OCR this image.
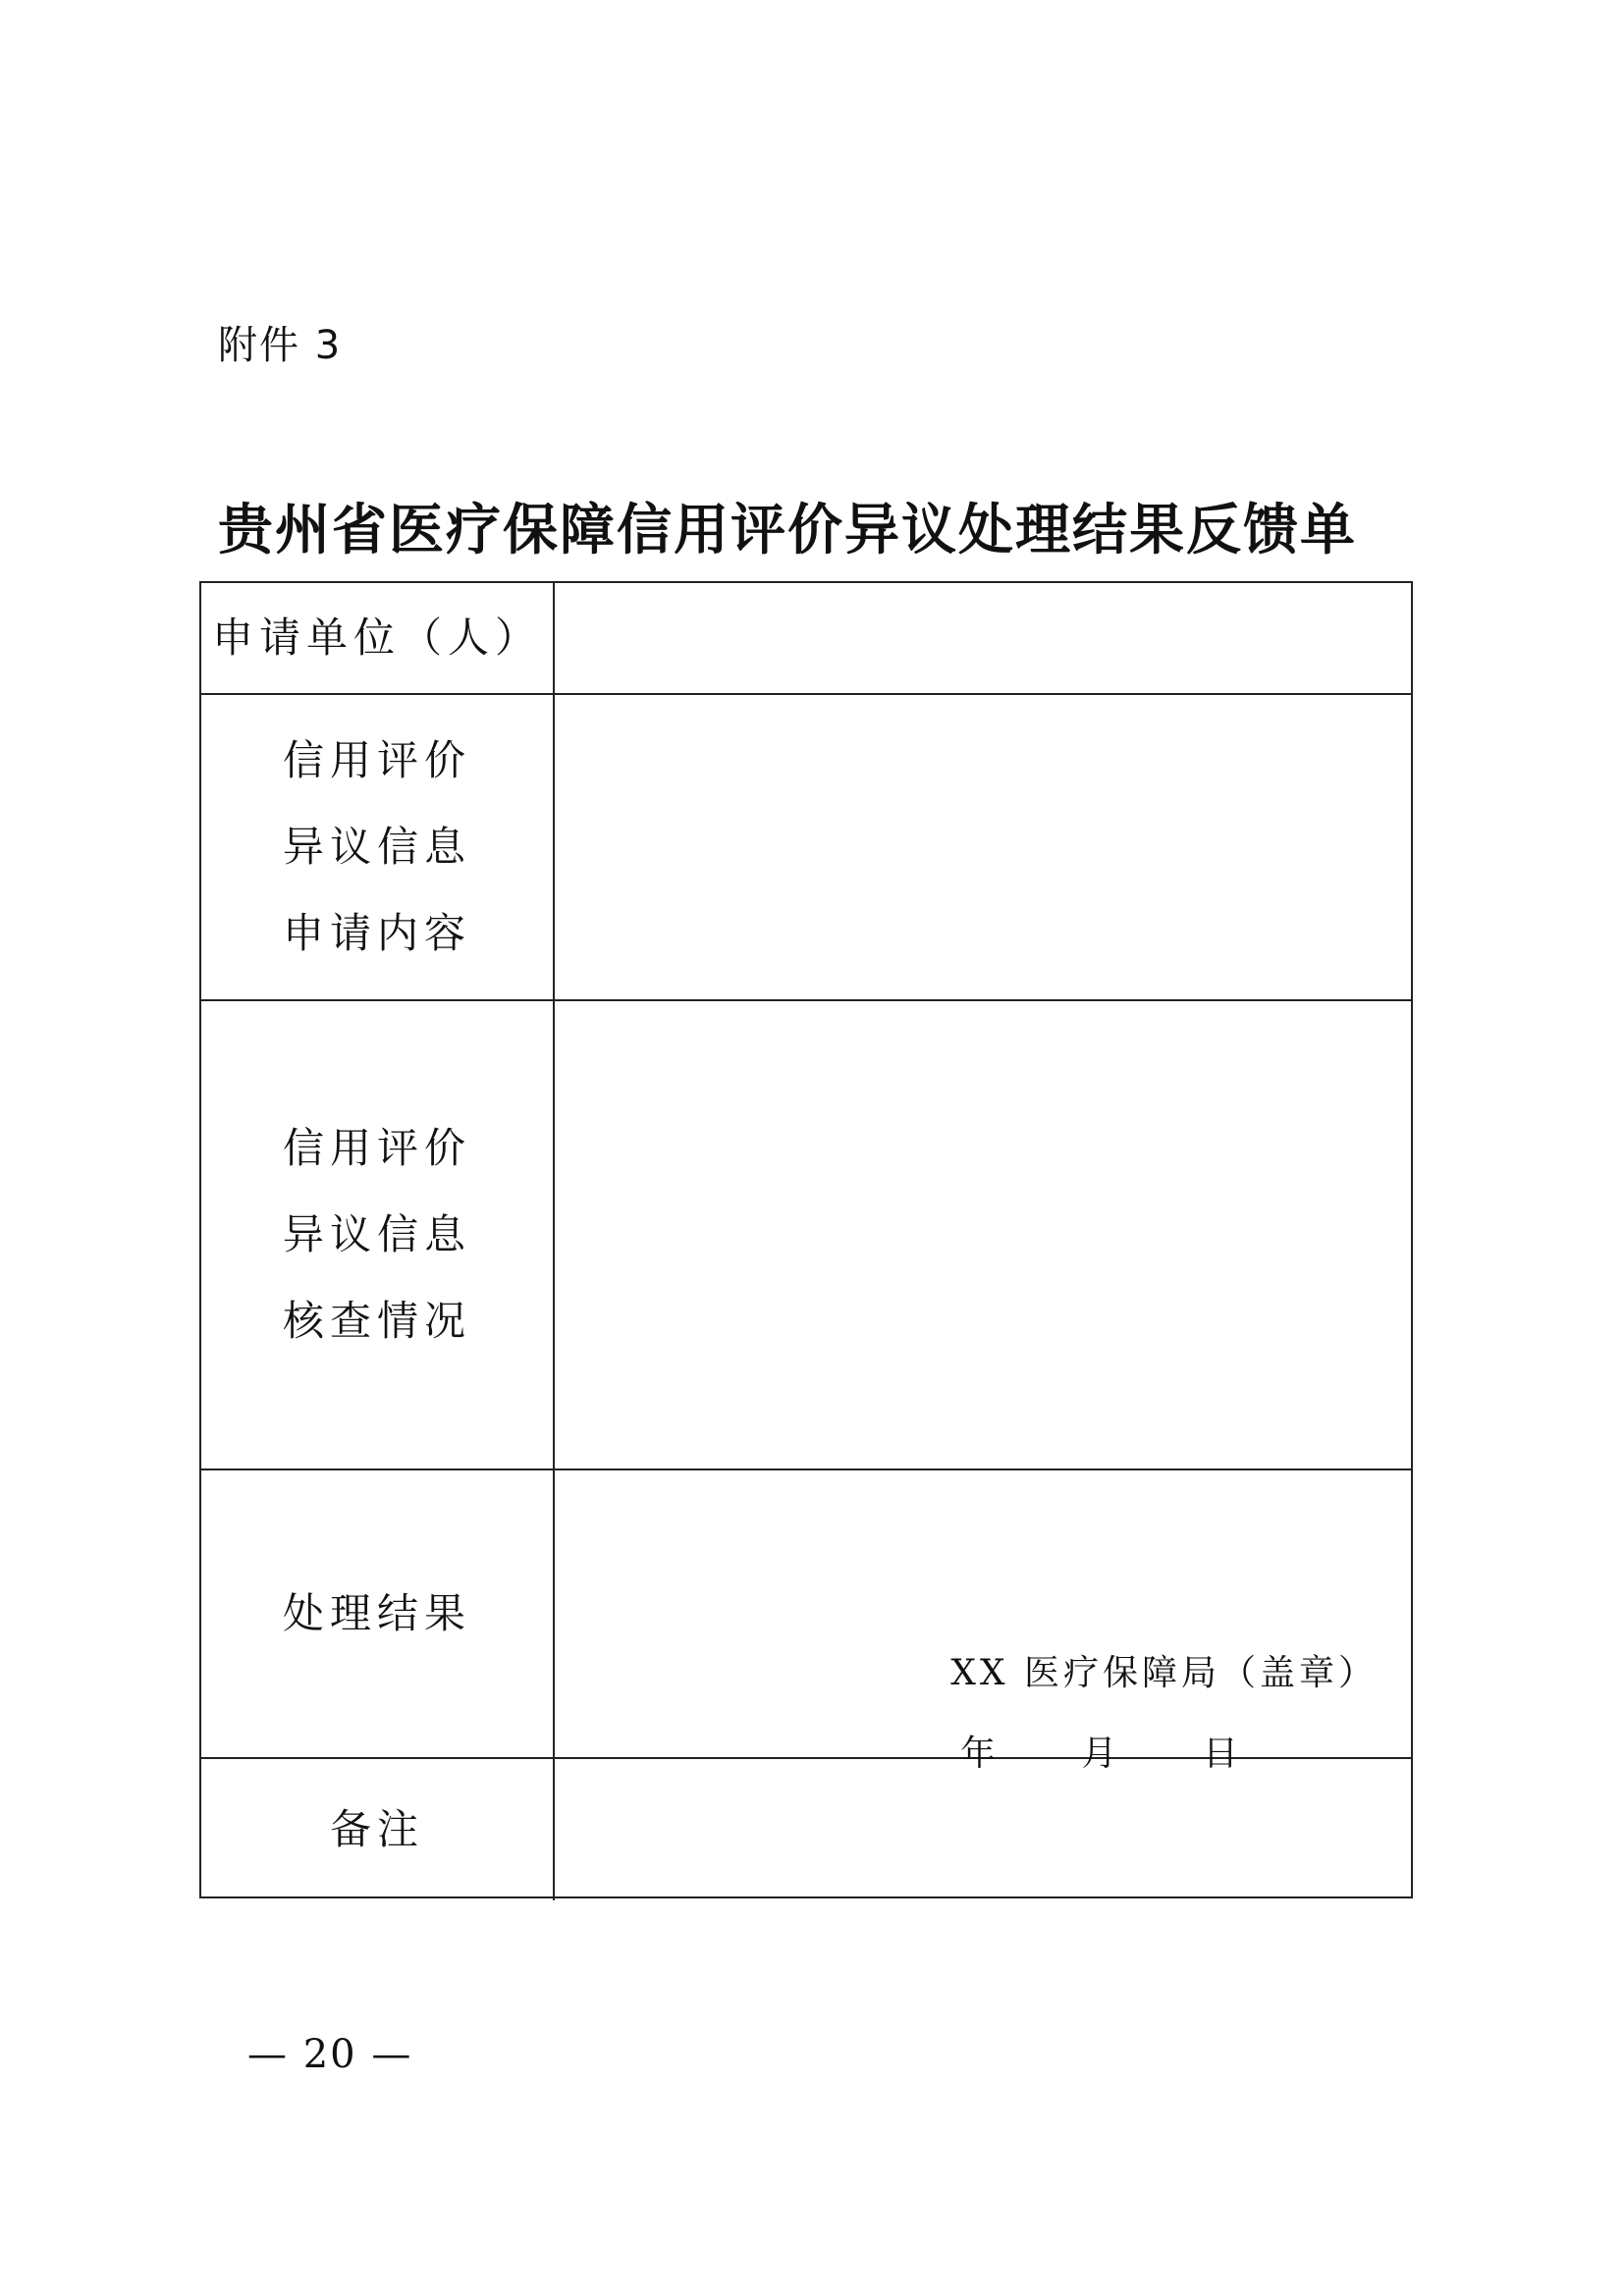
附件 3
贵州省医疗保障信用评价异议处理结果反馈单
申请单位（人）
信用评价
异议信息
申请内容
信用评价
异议信息
核查情况
处理结果
XX 医疗保障局（盖章）
年 月 日
备注
— 20 —
